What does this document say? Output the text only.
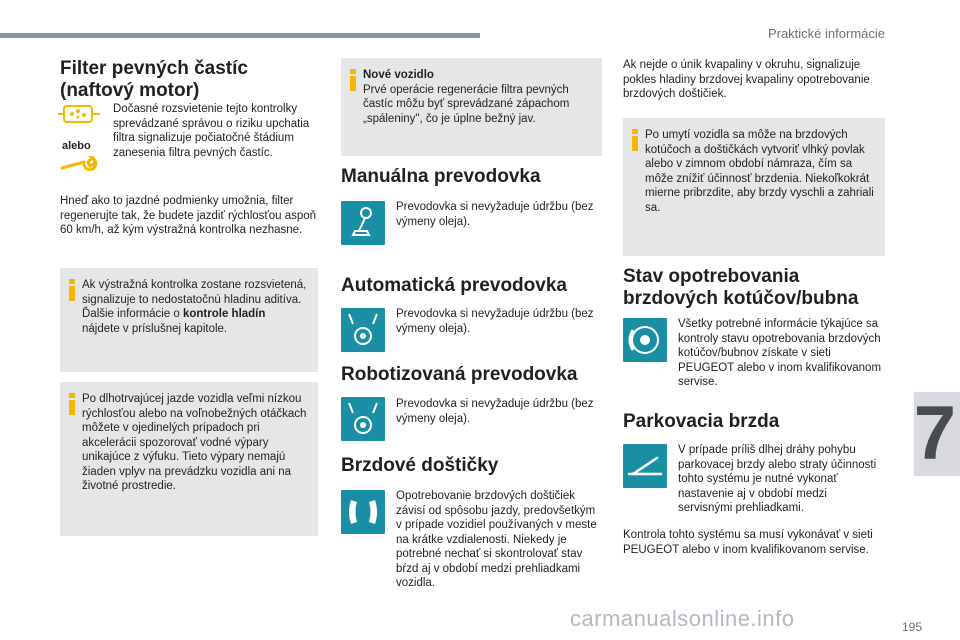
Praktické informácie
7
195
carmanualsonline.info
Filter pevných častíc
(naftový motor)
alebo
Dočasné rozsvietenie tejto kontrolky sprevádzané správou o riziku upchatia filtra signalizuje počiatočné štádium zanesenia filtra pevných častíc.
Hneď ako to jazdné podmienky umožnia, filter regenerujte tak, že budete jazdiť rýchlosťou aspoň 60 km/h, až kým výstražná kontrolka nezhasne.

Ak výstražná kontrolka zostane rozsvietená, signalizuje to nedostatočnú hladinu aditíva.

Ďalšie informácie o kontrole hladín

nájdete v príslušnej kapitole.

Po dlhotrvajúcej jazde vozidla veľmi nízkou rýchlosťou alebo na voľnobežných otáčkach môžete v ojedinelých prípadoch pri akcelerácii spozorovať vodné výpary unikajúce z výfuku. Tieto výpary nemajú žiaden vplyv na prevádzku vozidla ani na životné prostredie.

Nové vozidlo

Prvé operácie regenerácie filtra pevných častíc môžu byť sprevádzané zápachom „spáleniny", čo je úplne bežný jav.

Manuálna prevodovka
Prevodovka si nevyžaduje údržbu (bez výmeny oleja).
Automatická prevodovka
Prevodovka si nevyžaduje údržbu (bez výmeny oleja).
Robotizovaná prevodovka
Prevodovka si nevyžaduje údržbu (bez výmeny oleja).
Brzdové doštičky
Opotrebovanie brzdových doštičiek závisí od spôsobu jazdy, predovšetkým v prípade vozidiel používaných v meste na krátke vzdialenosti. Niekedy je potrebné nechať si skontrolovať stav bŕzd aj v období medzi prehliadkami vozidla.
Ak nejde o únik kvapaliny v okruhu, signalizuje pokles hladiny brzdovej kvapaliny opotrebovanie brzdových doštičiek.
Po umytí vozidla sa môže na brzdových kotúčoch a doštičkách vytvoriť vlhký povlak alebo v zimnom období námraza, čím sa môže znížiť účinnosť brzdenia. Niekoľkokrát mierne pribrzdite, aby brzdy vyschli a zahriali sa.
Stav opotrebovania
brzdových kotúčov/bubna
Všetky potrebné informácie týkajúce sa kontroly stavu opotrebovania brzdových kotúčov/bubnov získate v sieti PEUGEOT alebo v inom kvalifikovanom servise.
Parkovacia brzda
V prípade príliš dlhej dráhy pohybu parkovacej brzdy alebo straty účinnosti tohto systému je nutné vykonať nastavenie aj v období medzi servisnými prehliadkami.
Kontrola tohto systému sa musí vykonávať v sieti PEUGEOT alebo v inom kvalifikovanom servise.
